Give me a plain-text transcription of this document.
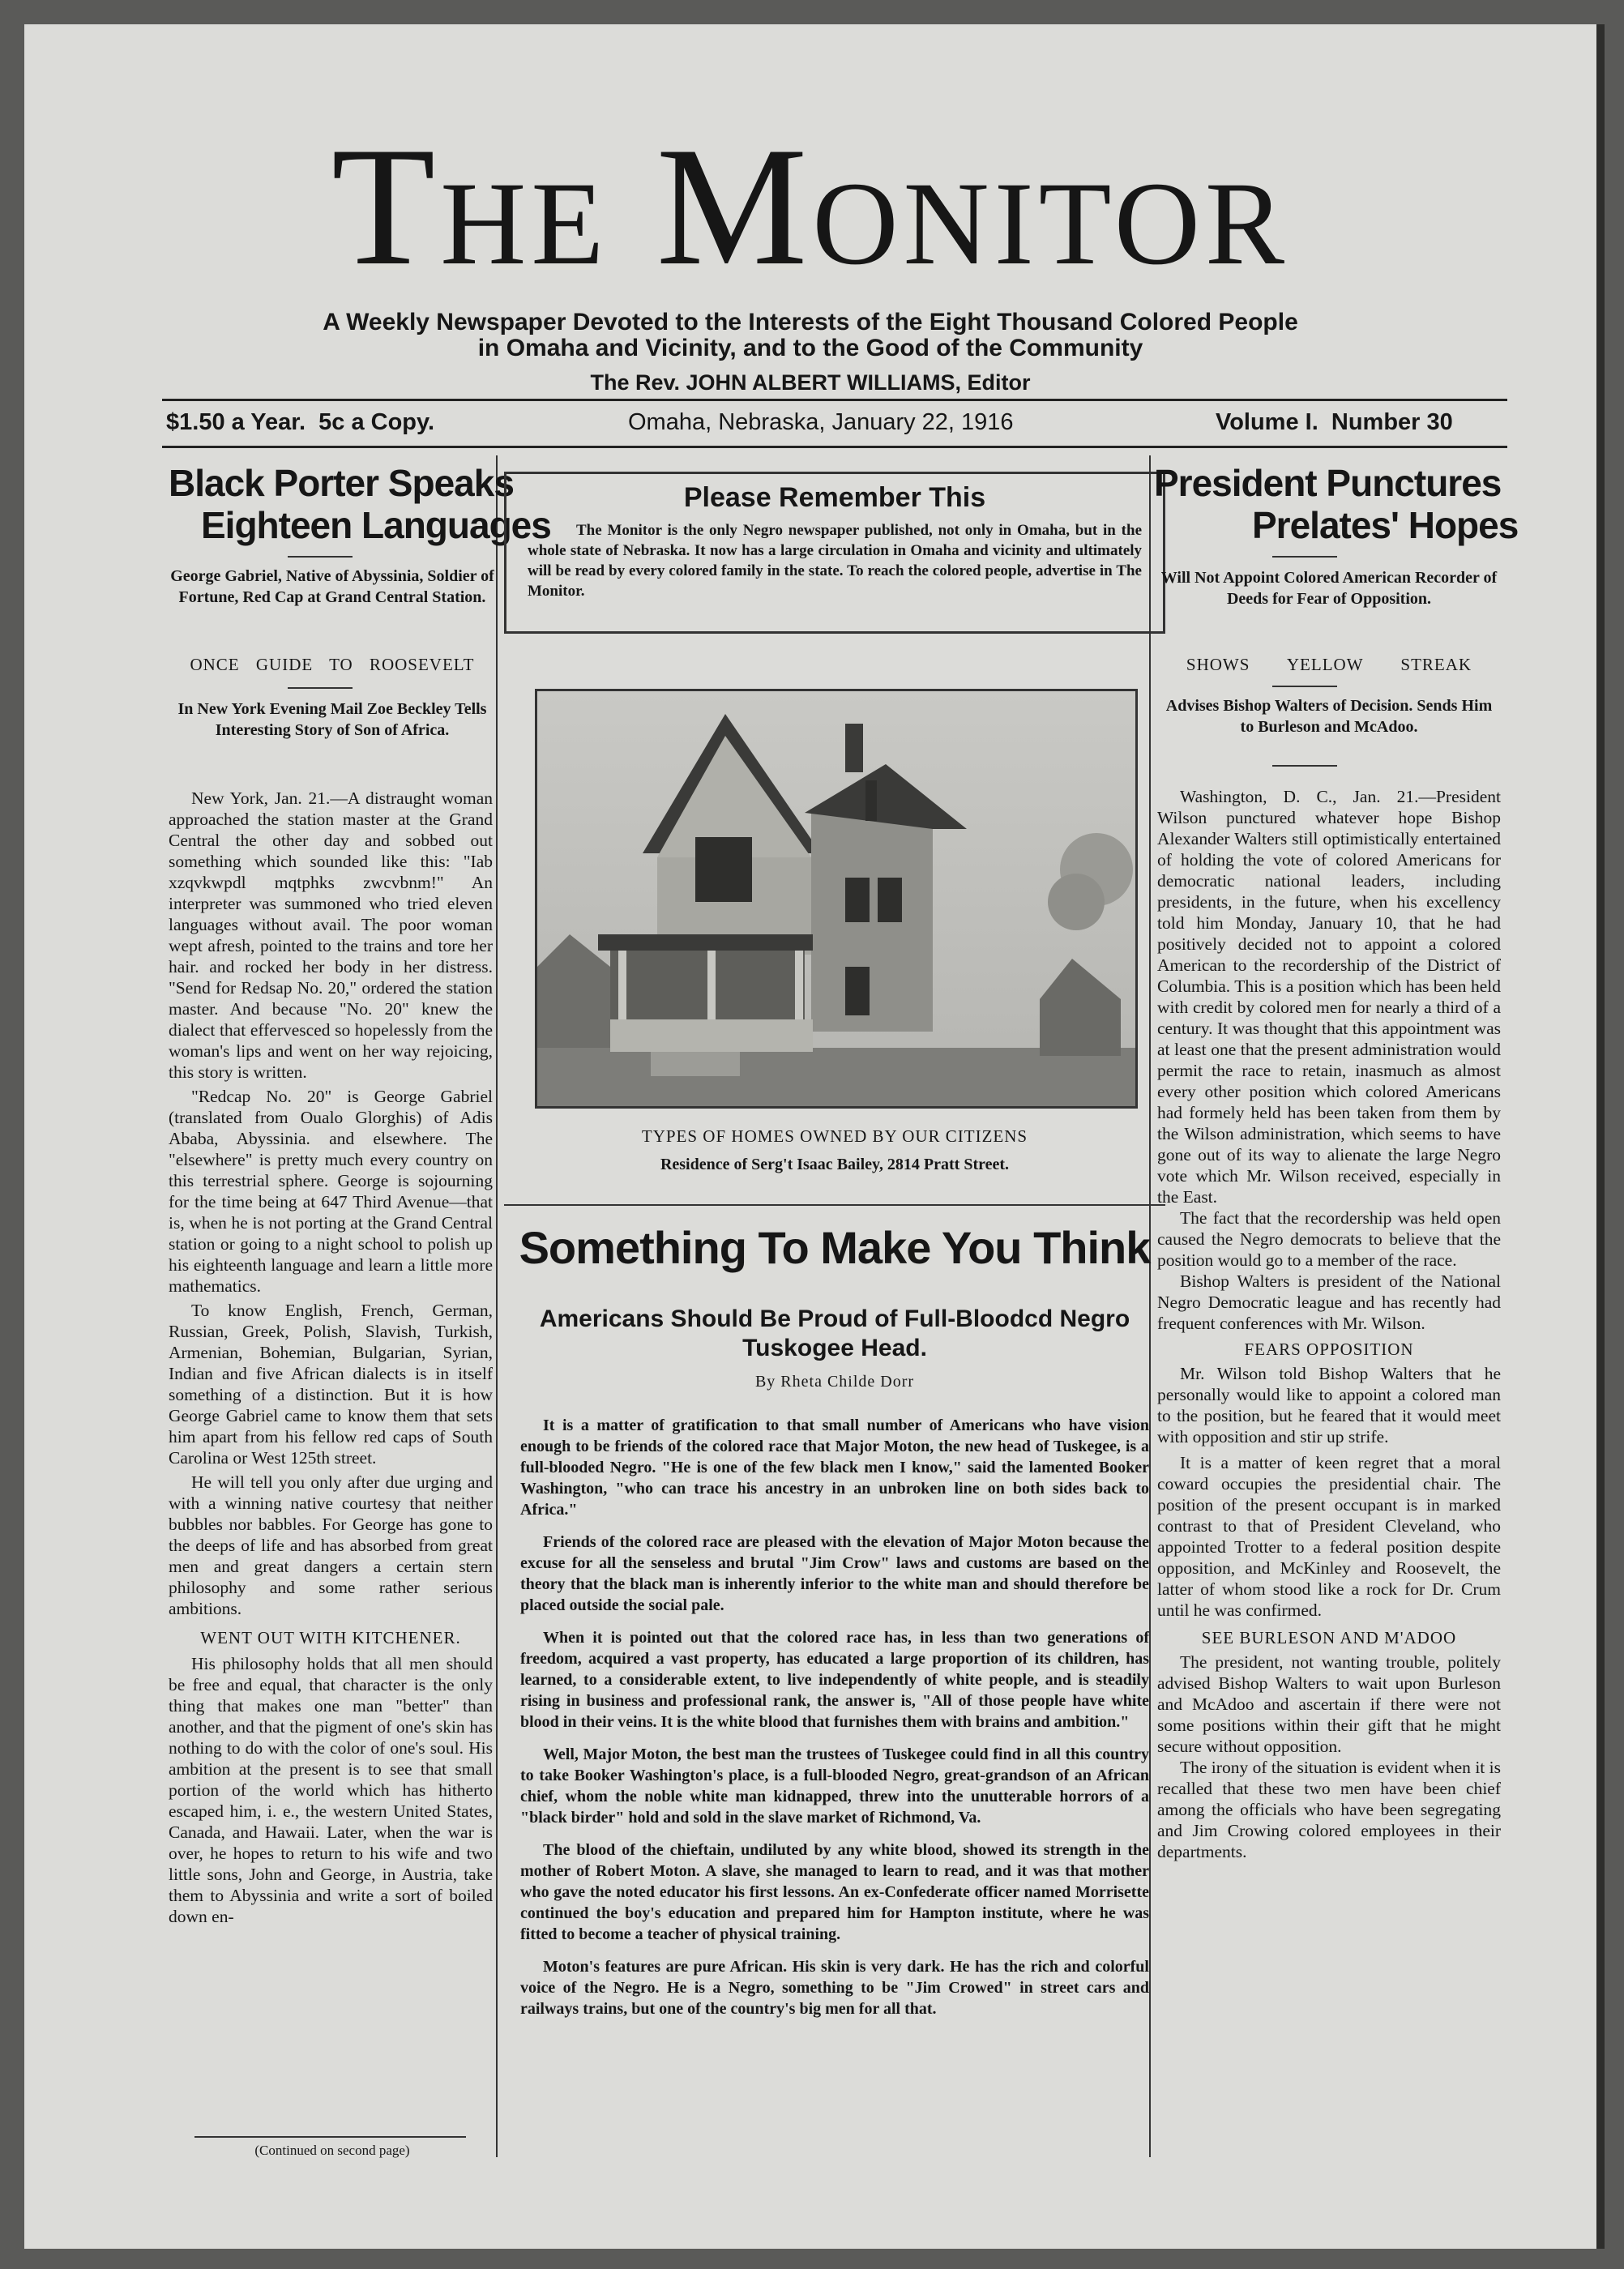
The Monitor
A Weekly Newspaper Devoted to the Interests of the Eight Thousand Colored People
in Omaha and Vicinity, and to the Good of the Community
The Rev. JOHN ALBERT WILLIAMS, Editor
$1.50 a Year.  5c a Copy.	Omaha, Nebraska, January 22, 1916	Volume I.  Number 30
Black Porter Speaks
Eighteen Languages
George Gabriel, Native of Abyssinia, Soldier of Fortune, Red Cap at Grand Central Station.
ONCE GUIDE TO ROOSEVELT
In New York Evening Mail Zoe Beckley Tells Interesting Story of Son of Africa.

New York, Jan. 21.—A distraught woman approached the station master at the Grand Central the other day and sobbed out something which sounded like this: "Iab xzqvkwpdl mqtphks zwcvbnm!" An interpreter was summoned who tried eleven languages without avail. The poor woman wept afresh, pointed to the trains and tore her hair. and rocked her body in her distress. "Send for Redsap No. 20," ordered the station master. And because "No. 20" knew the dialect that effervesced so hopelessly from the woman's lips and went on her way rejoicing, this story is written.

"Redcap No. 20" is George Gabriel (translated from Oualo Glorghis) of Adis Ababa, Abyssinia. and elsewhere. The "elsewhere" is pretty much every country on this terrestrial sphere. George is sojourning for the time being at 647 Third Avenue—that is, when he is not porting at the Grand Central station or going to a night school to polish up his eighteenth language and learn a little more mathematics.

To know English, French, German, Russian, Greek, Polish, Slavish, Turkish, Armenian, Bohemian, Bulgarian, Syrian, Indian and five African dialects is in itself something of a distinction. But it is how George Gabriel came to know them that sets him apart from his fellow red caps of South Carolina or West 125th street.

He will tell you only after due urging and with a winning native courtesy that neither bubbles nor babbles. For George has gone to the deeps of life and has absorbed from great men and great dangers a certain stern philosophy and some rather serious ambitions.

WENT OUT WITH KITCHENER.

His philosophy holds that all men should be free and equal, that character is the only thing that makes one man "better" than another, and that the pigment of one's skin has nothing to do with the color of one's soul. His ambition at the present is to see that small portion of the world which has hitherto escaped him, i. e., the western United States, Canada, and Hawaii. Later, when the war is over, he hopes to return to his wife and two little sons, John and George, in Austria, take them to Abyssinia and write a sort of boiled down en-

(Continued on second page)
Please Remember This
The Monitor is the only Negro newspaper published, not only in Omaha, but in the whole state of Nebraska. It now has a large circulation in Omaha and vicinity and ultimately will be read by every colored family in the state. To reach the colored people, advertise in The Monitor.
TYPES OF HOMES OWNED BY OUR CITIZENS
Residence of Serg't Isaac Bailey, 2814 Pratt Street.
Something To Make You Think
Americans Should Be Proud of Full-Bloodcd Negro Tuskogee Head.
By Rheta Childe Dorr

It is a matter of gratification to that small number of Americans who have vision enough to be friends of the colored race that Major Moton, the new head of Tuskegee, is a full-blooded Negro. "He is one of the few black men I know," said the lamented Booker Washington, "who can trace his ancestry in an unbroken line on both sides back to Africa."

Friends of the colored race are pleased with the elevation of Major Moton because the excuse for all the senseless and brutal "Jim Crow" laws and customs are based on the theory that the black man is inherently inferior to the white man and should therefore be placed outside the social pale.

When it is pointed out that the colored race has, in less than two generations of freedom, acquired a vast property, has educated a large proportion of its children, has learned, to a considerable extent, to live independently of white people, and is steadily rising in business and professional rank, the answer is, "All of those people have white blood in their veins. It is the white blood that furnishes them with brains and ambition."

Well, Major Moton, the best man the trustees of Tuskegee could find in all this country to take Booker Washington's place, is a full-blooded Negro, great-grandson of an African chief, whom the noble white man kidnapped, threw into the unutterable horrors of a "black birder" hold and sold in the slave market of Richmond, Va.

The blood of the chieftain, undiluted by any white blood, showed its strength in the mother of Robert Moton. A slave, she managed to learn to read, and it was that mother who gave the noted educator his first lessons. An ex-Confederate officer named Morrisette continued the boy's education and prepared him for Hampton institute, where he was fitted to become a teacher of physical training.

Moton's features are pure African. His skin is very dark. He has the rich and colorful voice of the Negro. He is a Negro, something to be "Jim Crowed" in street cars and railways trains, but one of the country's big men for all that.

President Punctures
Prelates' Hopes
Will Not Appoint Colored American Recorder of Deeds for Fear of Opposition.
SHOWS YELLOW STREAK
Advises Bishop Walters of Decision. Sends Him to Burleson and McAdoo.

Washington, D. C., Jan. 21.—President Wilson punctured whatever hope Bishop Alexander Walters still optimistically entertained of holding the vote of colored Americans for democratic national leaders, including presidents, in the future, when his excellency told him Monday, January 10, that he had positively decided not to appoint a colored American to the recordership of the District of Columbia. This is a position which has been held with credit by colored men for nearly a third of a century. It was thought that this appointment was at least one that the present administration would permit the race to retain, inasmuch as almost every other position which colored Americans had formely held has been taken from them by the Wilson administration, which seems to have gone out of its way to alienate the large Negro vote which Mr. Wilson received, especially in the East.

The fact that the recordership was held open caused the Negro democrats to believe that the position would go to a member of the race.

Bishop Walters is president of the National Negro Democratic league and has recently had frequent conferences with Mr. Wilson.

FEARS OPPOSITION

Mr. Wilson told Bishop Walters that he personally would like to appoint a colored man to the position, but he feared that it would meet with opposition and stir up strife.

It is a matter of keen regret that a moral coward occupies the presidential chair. The position of the present occupant is in marked contrast to that of President Cleveland, who appointed Trotter to a federal position despite opposition, and McKinley and Roosevelt, the latter of whom stood like a rock for Dr. Crum until he was confirmed.

SEE BURLESON AND M'ADOO

The president, not wanting trouble, politely advised Bishop Walters to wait upon Burleson and McAdoo and ascertain if there were not some positions within their gift that he might secure without opposition.

The irony of the situation is evident when it is recalled that these two men have been chief among the officials who have been segregating and Jim Crowing colored employees in their departments.
